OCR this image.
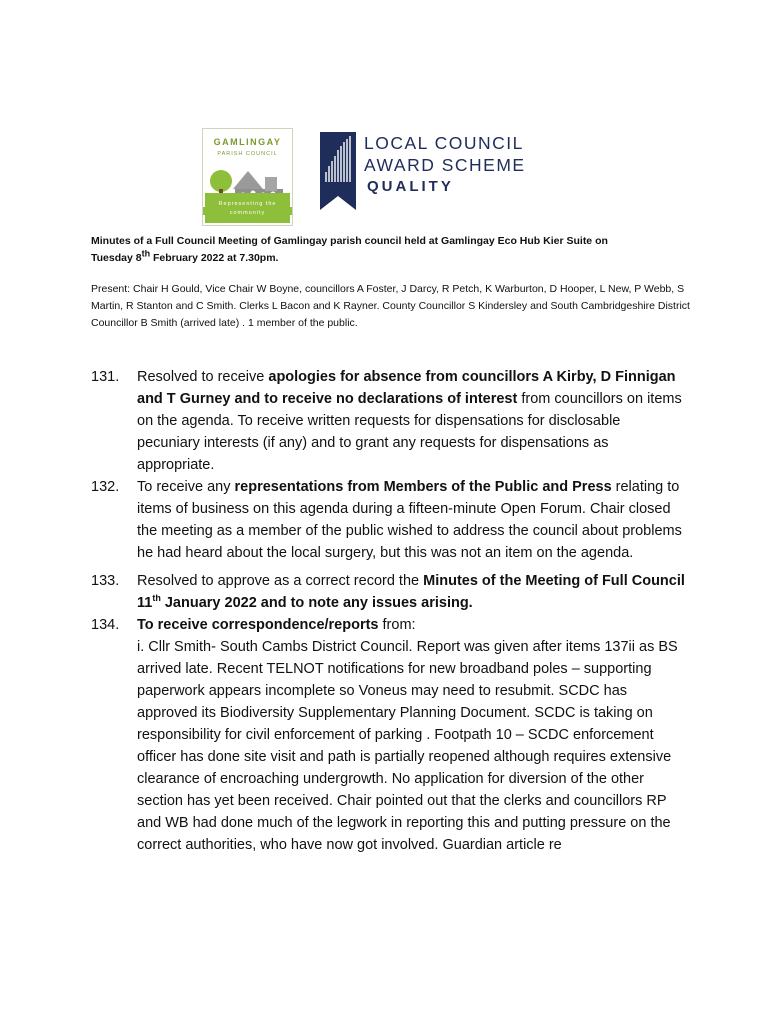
GAMLINGAY
PARISH COUNCIL
Representing the
community
LOCAL COUNCIL
AWARD SCHEME
QUALITY
Minutes of a Full Council Meeting of Gamlingay parish council held at Gamlingay Eco Hub Kier Suite on
Tuesday 8th February 2022 at 7.30pm.
Present: Chair H Gould, Vice Chair W Boyne, councillors A Foster, J Darcy, R Petch, K Warburton, D Hooper, L New, P Webb, S Martin, R Stanton and C Smith. Clerks L Bacon and K Rayner. County Councillor S Kindersley and South Cambridgeshire District Councillor B Smith (arrived late) . 1 member of the public.
131.	Resolved to receive apologies for absence from councillors A Kirby, D Finnigan and T Gurney and to receive no declarations of interest from councillors on items on the agenda. To receive written requests for dispensations for disclosable pecuniary interests (if any) and to grant any requests for dispensations as appropriate.
132.	To receive any representations from Members of the Public and Press relating to items of business on this agenda during a fifteen-minute Open Forum. Chair closed the meeting as a member of the public wished to address the council about problems he had heard about the local surgery, but this was not an item on the agenda.
133.	Resolved to approve as a correct record the Minutes of the Meeting of Full Council 11th January 2022 and to note any issues arising.
134.	To receive correspondence/reports from:
i. Cllr Smith- South Cambs District Council. Report was given after items 137ii as BS arrived late. Recent TELNOT notifications for new broadband poles – supporting paperwork appears incomplete so Voneus may need to resubmit. SCDC has approved its Biodiversity Supplementary Planning Document. SCDC is taking on responsibility for civil enforcement of parking . Footpath 10 – SCDC enforcement officer has done site visit and path is partially reopened although requires extensive clearance of encroaching undergrowth. No application for diversion of the other section has yet been received. Chair pointed out that the clerks and councillors RP and WB had done much of the legwork in reporting this and putting pressure on the correct authorities, who have now got involved. Guardian article re
